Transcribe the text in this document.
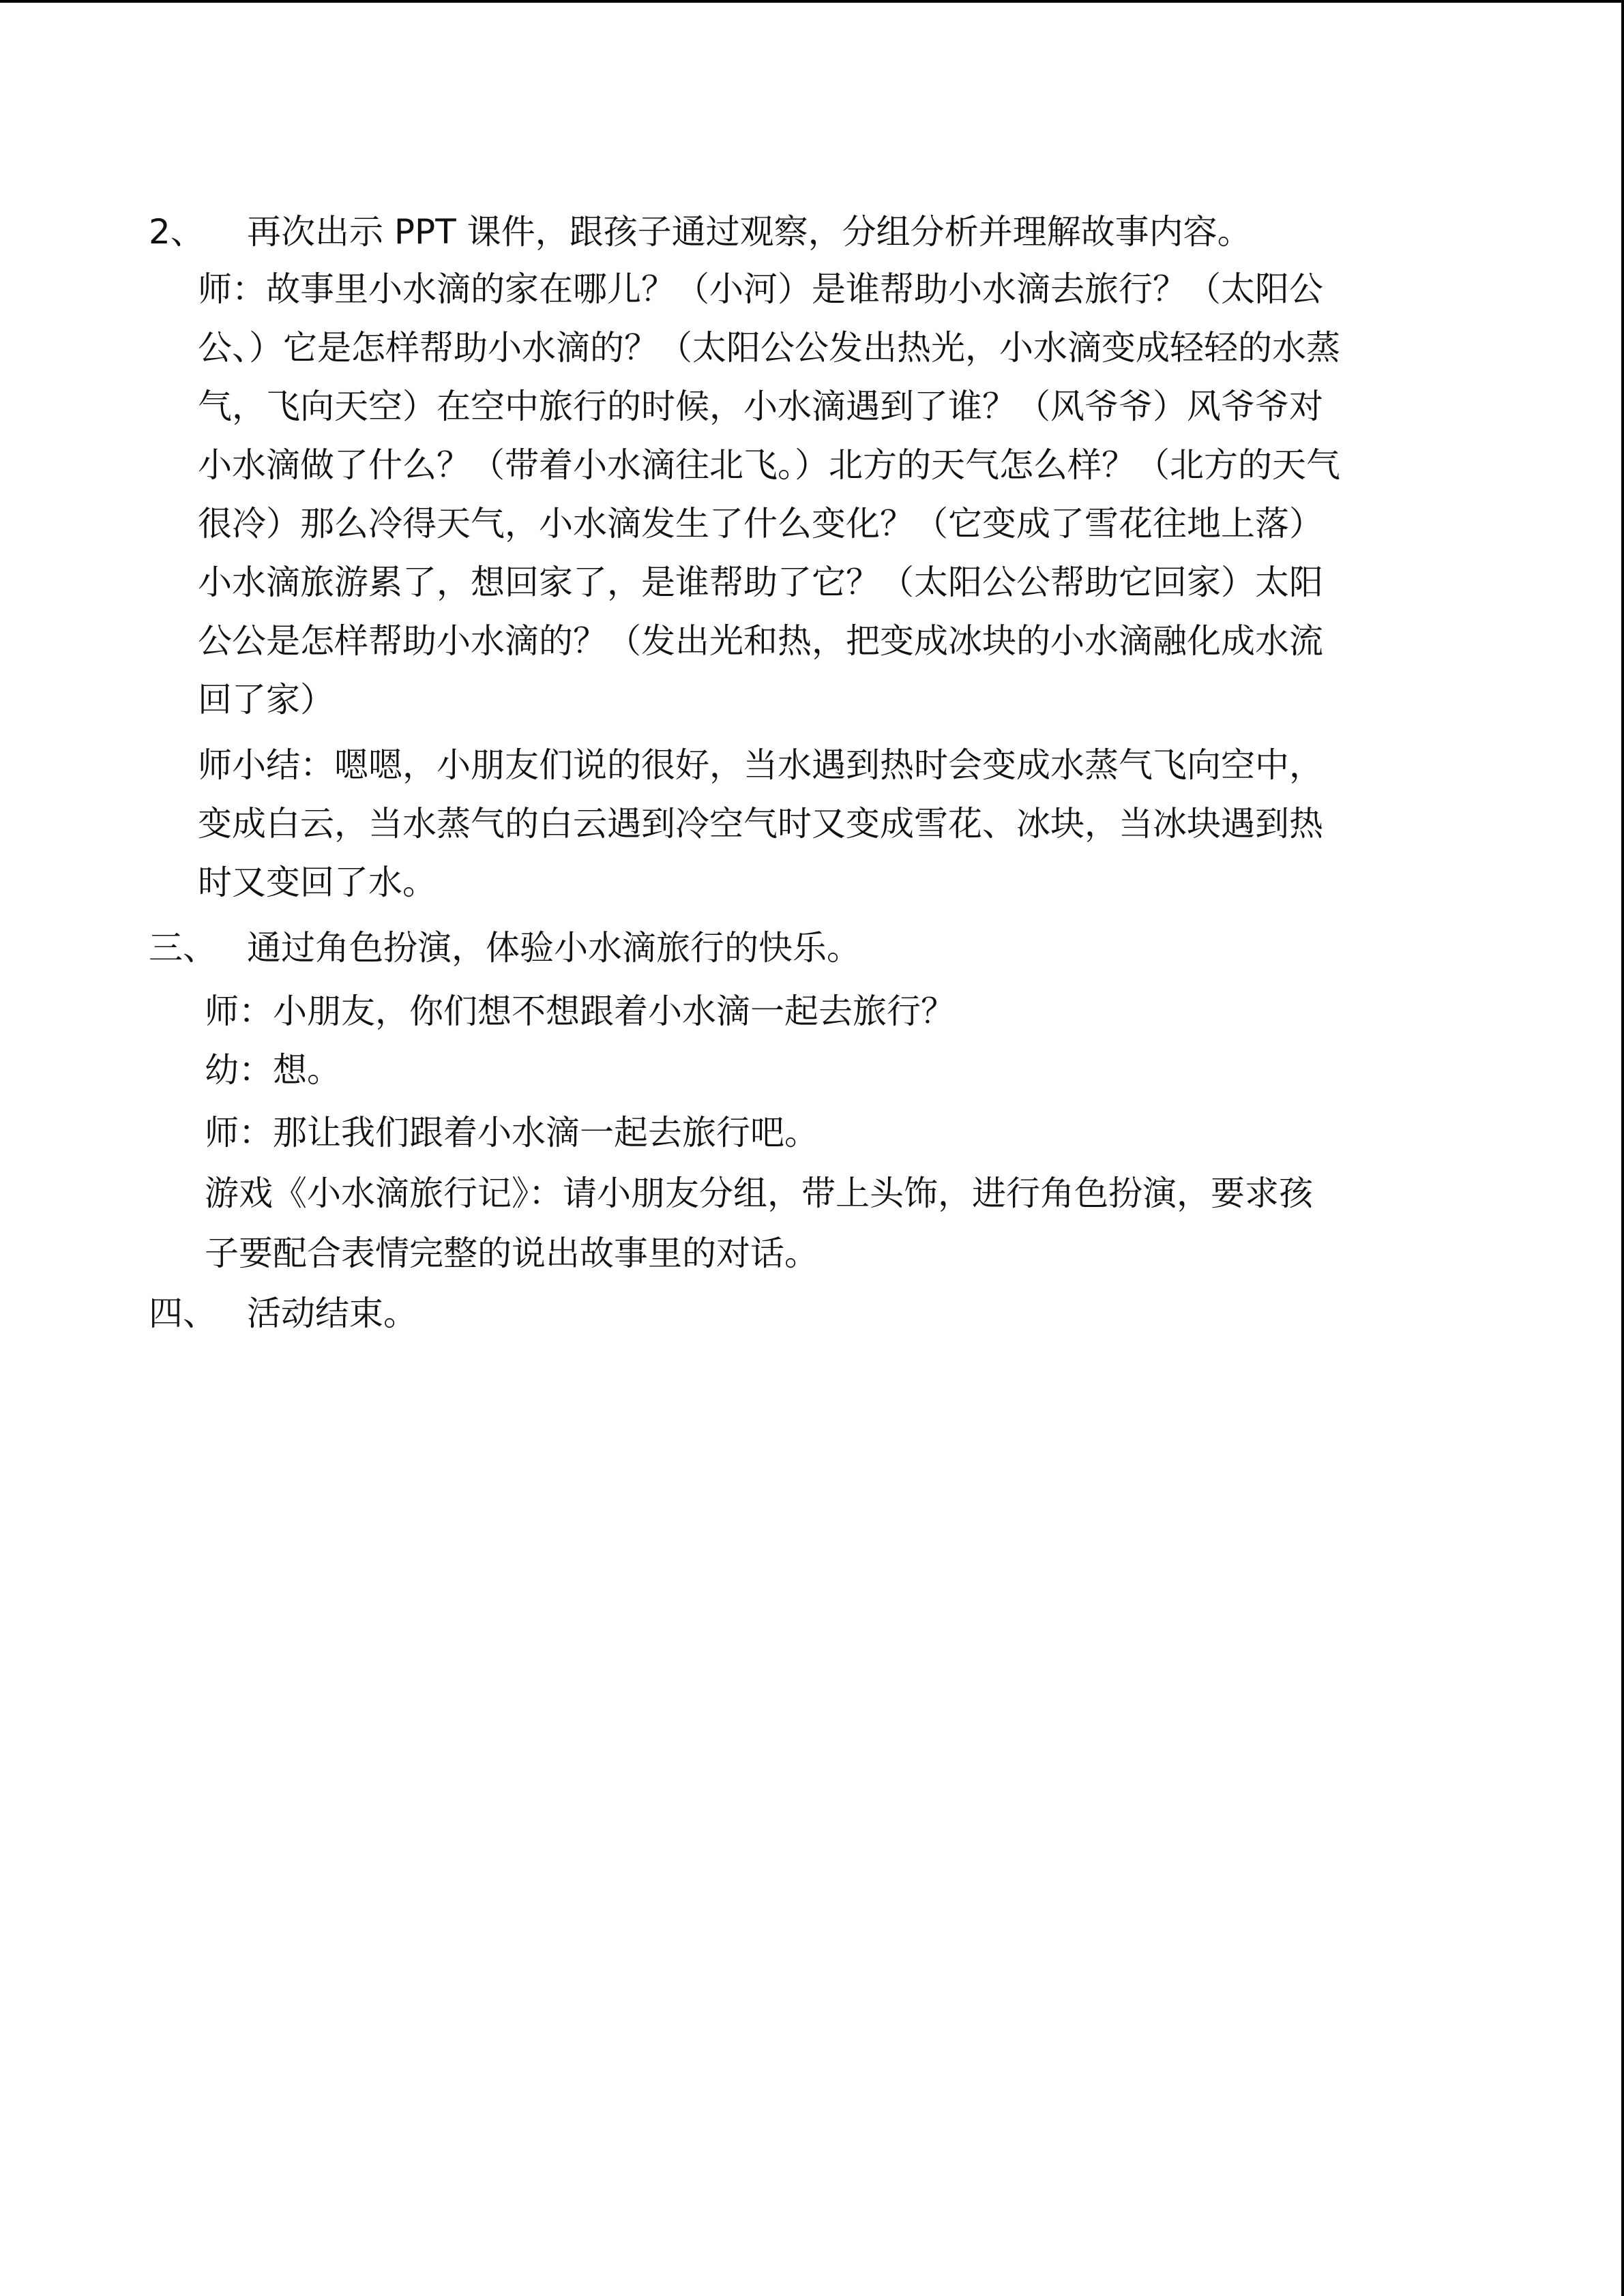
2、 再次出示 PPT 课件，跟孩子通过观察，分组分析并理解故事内容。
师：故事里小水滴的家在哪儿？（小河）是谁帮助小水滴去旅行？（太阳公
公、）它是怎样帮助小水滴的？（太阳公公发出热光，小水滴变成轻轻的水蒸
气，飞向天空）在空中旅行的时候，小水滴遇到了谁？（风爷爷）风爷爷对
小水滴做了什么？（带着小水滴往北飞。）北方的天气怎么样？（北方的天气
很冷）那么冷得天气，小水滴发生了什么变化？（它变成了雪花往地上落）
小水滴旅游累了，想回家了，是谁帮助了它？（太阳公公帮助它回家）太阳
公公是怎样帮助小水滴的？（发出光和热，把变成冰块的小水滴融化成水流
回了家）
师小结：嗯嗯，小朋友们说的很好，当水遇到热时会变成水蒸气飞向空中，
变成白云，当水蒸气的白云遇到冷空气时又变成雪花、冰块，当冰块遇到热
时又变回了水。
三、 通过角色扮演，体验小水滴旅行的快乐。
师：小朋友，你们想不想跟着小水滴一起去旅行？
幼：想。
师：那让我们跟着小水滴一起去旅行吧。
游戏《小水滴旅行记》：请小朋友分组，带上头饰，进行角色扮演，要求孩
子要配合表情完整的说出故事里的对话。
四、 活动结束。
